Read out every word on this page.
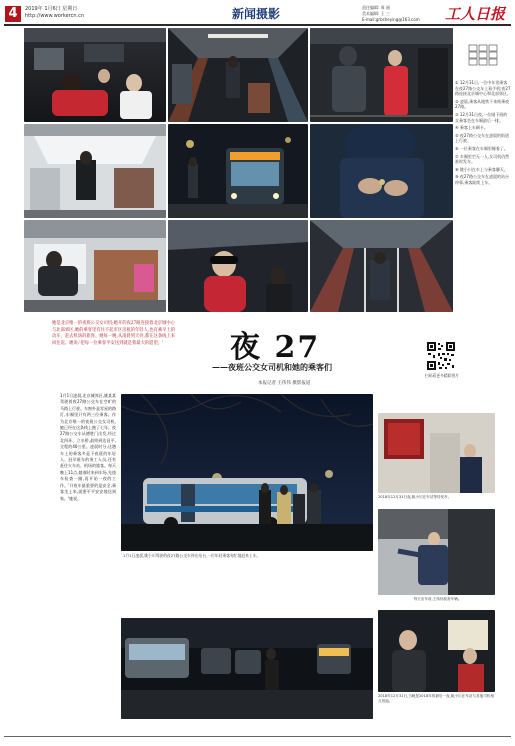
4	2019年 1月6日 星期日
http://www.workercn.cn	新闻摄影	责任编辑: 周 丽
美术编辑: 王 三
E-mail:grbsheying@163.com 工人日报

① 12月31日,一位中年男乘客在夜27路公交车上看手机;夜27路连接北京城中心和北部郊区。

② 凌晨,乘客从地铁下来换乘夜27路。

③ 12月31日夜,一位刚下班的女乘客坐在车厢最后一排。

④ 乘客上车刷卡。

⑤ 夜27路公交车在凌晨的街道上行驶。

⑥ 一位乘客在车厢里睡着了。

⑦ 车厢里空无一人,女司机仍然准时发车。

⑧ 姚小川在车上与乘客聊天。

⑨ 夜27路公交车在凌晨的站台停靠,乘客陆续上车。

她是北京唯一的夜班公交女司机;她开的夜27路连接着北京城中心与北部郊区,她的乘客里有住不起市区房租的年轻人,也有乘早上的动车、赶去机场的旅客。她每一晚,从凌晨到天亮,都在这条线上来回往返。她说:'把每一位乘客平安送到就是我最大的愿望。'	夜 27
——夜班公交女司机和她的乘客们
本报记者 王伟伟 摄影报道
扫码看更多精彩图片
1月1日凌晨,北京城郊区,姚某某驾驶着夜27路公交车在空旷的马路上行驶。车窗外是零星的路灯,车厢里只有两三位乘客。作为北京唯一的夜班公交女司机,她已经在这条线上跑了七年。夜27路公交车从德胜门出发,经过北四环、立水桥,最终到达昌平,全程约40公里。凌晨时分,这趟车上的乘客多是下夜班的年轻人、赶早班车的务工人员,还有赶往火车站、机场的旅客。每天晚上11点,她准时来到车场,先绕车检查一圈,再开始一夜的工作。'开夜车最重要的是安全,乘客坐上来,就要平平安安地送到家。'她说。
1月1日凌晨,姚小川驾驶的夜27路公交车停在站台,一位年轻乘客匆忙地赶来上车。
2018年12月31日夜,姚小川在车站等待发车。
每天出车前,王伟伟检查车辆。
2018年12月31日,当晚是2018年的最后一夜,姚小川在车站与其他司机相互祝福。
